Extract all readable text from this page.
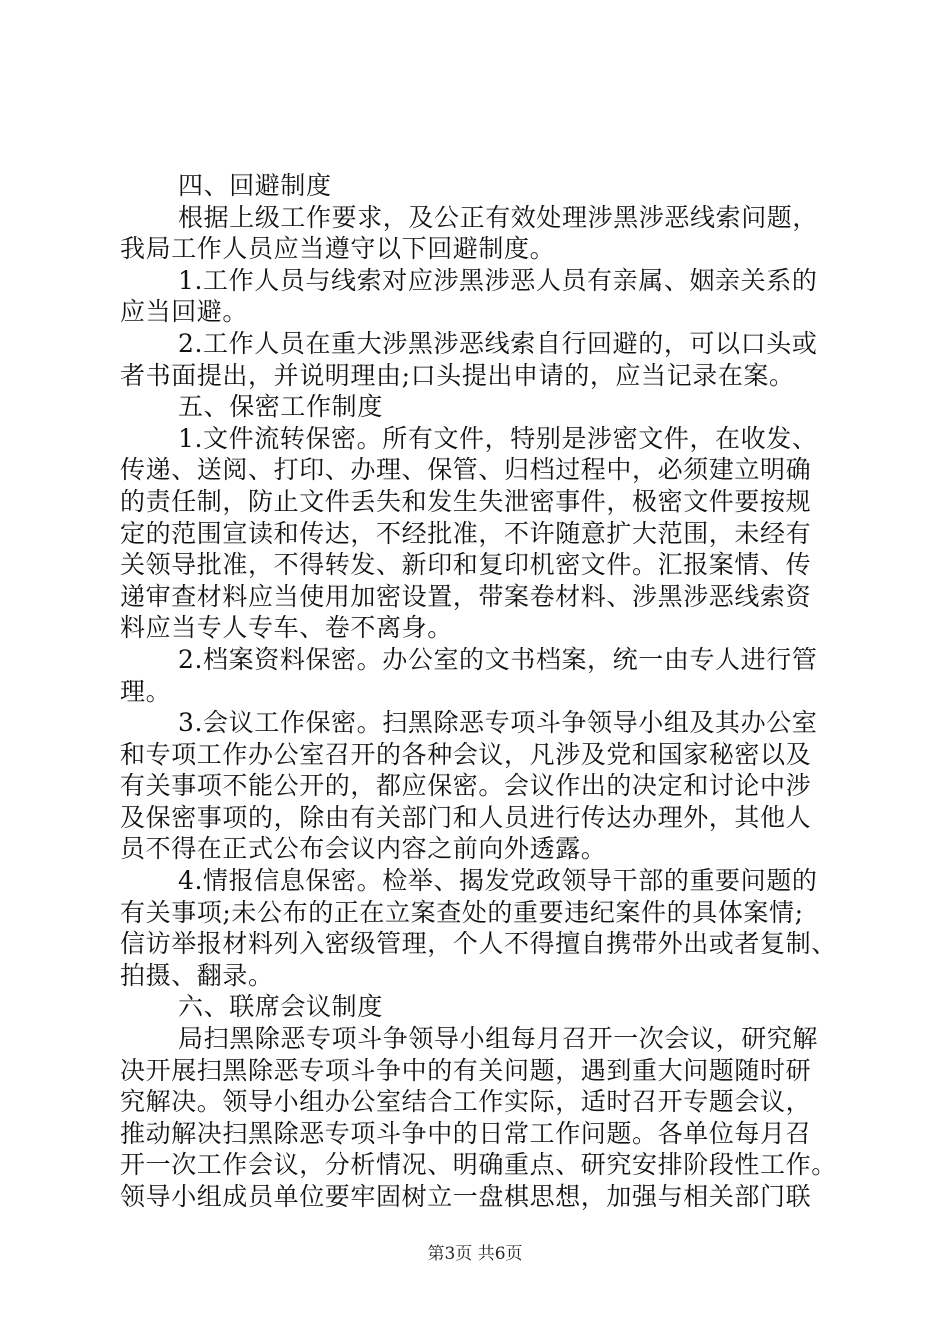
四、回避制度
根据上级工作要求，及公正有效处理涉黑涉恶线索问题，
我局工作人员应当遵守以下回避制度。
1.工作人员与线索对应涉黑涉恶人员有亲属、姻亲关系的
应当回避。
2.工作人员在重大涉黑涉恶线索自行回避的，可以口头或
者书面提出，并说明理由;口头提出申请的，应当记录在案。
五、保密工作制度
1.文件流转保密。所有文件，特别是涉密文件，在收发、
传递、送阅、打印、办理、保管、归档过程中，必须建立明确
的责任制，防止文件丢失和发生失泄密事件，极密文件要按规
定的范围宣读和传达，不经批准，不许随意扩大范围，未经有
关领导批准，不得转发、新印和复印机密文件。汇报案情、传
递审查材料应当使用加密设置，带案卷材料、涉黑涉恶线索资
料应当专人专车、卷不离身。
2.档案资料保密。办公室的文书档案，统一由专人进行管
理。
3.会议工作保密。扫黑除恶专项斗争领导小组及其办公室
和专项工作办公室召开的各种会议，凡涉及党和国家秘密以及
有关事项不能公开的，都应保密。会议作出的决定和讨论中涉
及保密事项的，除由有关部门和人员进行传达办理外，其他人
员不得在正式公布会议内容之前向外透露。
4.情报信息保密。检举、揭发党政领导干部的重要问题的
有关事项;未公布的正在立案查处的重要违纪案件的具体案情;
信访举报材料列入密级管理，个人不得擅自携带外出或者复制、
拍摄、翻录。
六、联席会议制度
局扫黑除恶专项斗争领导小组每月召开一次会议，研究解
决开展扫黑除恶专项斗争中的有关问题，遇到重大问题随时研
究解决。领导小组办公室结合工作实际，适时召开专题会议，
推动解决扫黑除恶专项斗争中的日常工作问题。各单位每月召
开一次工作会议，分析情况、明确重点、研究安排阶段性工作。
领导小组成员单位要牢固树立一盘棋思想，加强与相关部门联
第3页 共6页
